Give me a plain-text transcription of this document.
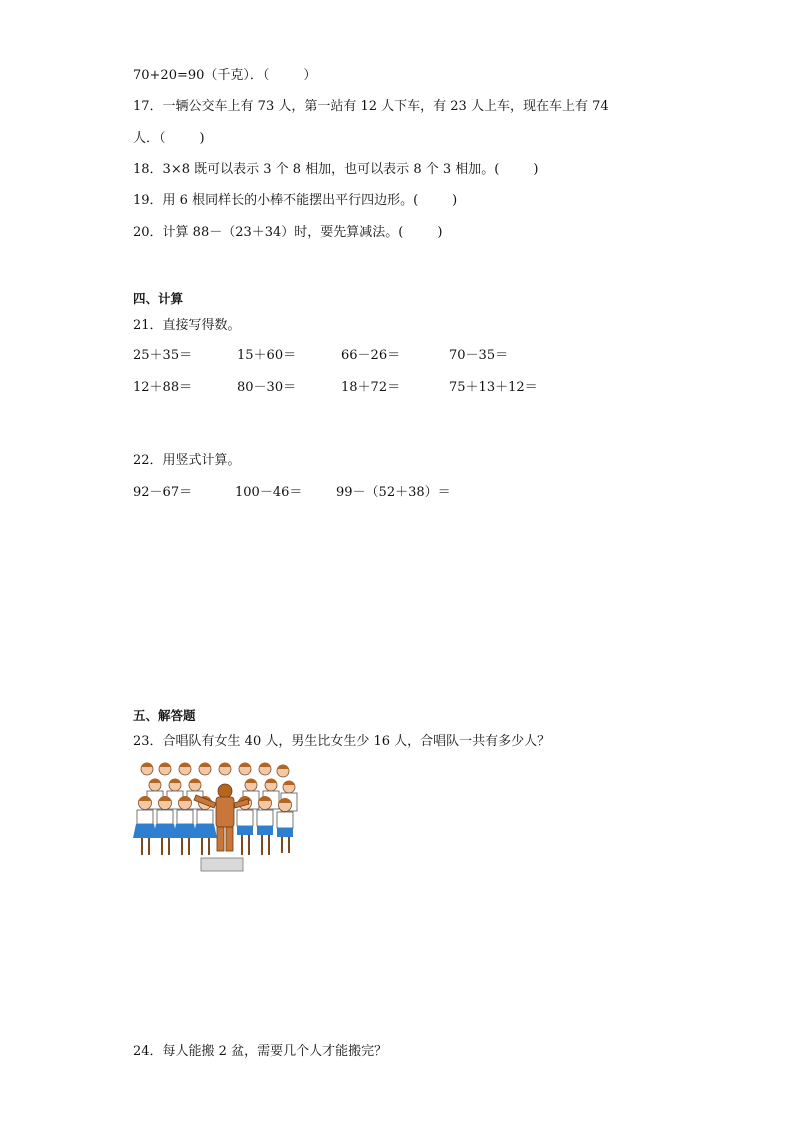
70+20=90（千克）．（	）
17．一辆公交车上有 73 人，第一站有 12 人下车，有 23 人上车，现在车上有 74
人．（	)
18．3×8 既可以表示 3 个 8 相加，也可以表示 8 个 3 相加。(	)
19．用 6 根同样长的小棒不能摆出平行四边形。(	)
20．计算 88－（23＋34）时，要先算减法。(	)
四、计算
21．直接写得数。
25＋35＝	15＋60＝	66－26＝	70－35＝
12＋88＝	80－30＝	18＋72＝	75＋13＋12＝
22．用竖式计算。
92－67＝	100－46＝	99－（52＋38）＝
五、解答题
23．合唱队有女生 40 人，男生比女生少 16 人，合唱队一共有多少人？
24．每人能搬 2 盆，需要几个人才能搬完？
